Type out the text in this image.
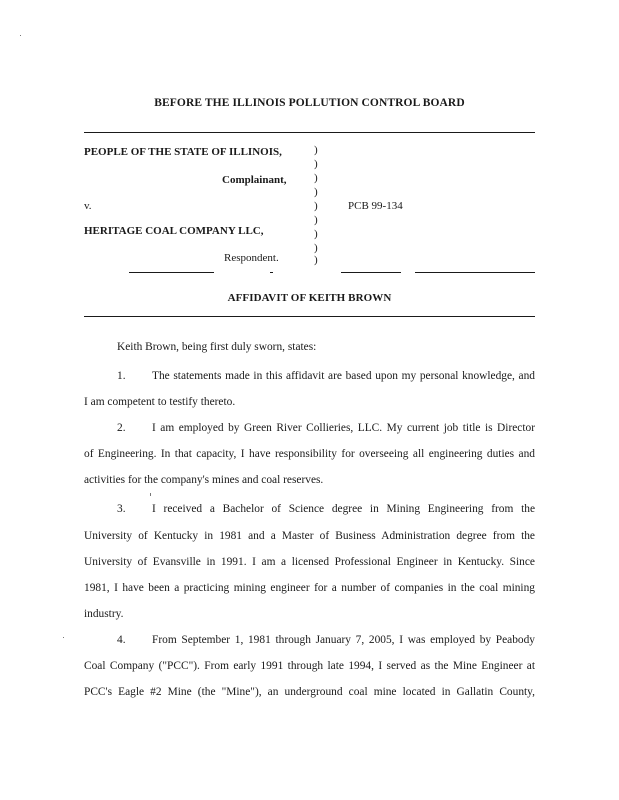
BEFORE THE ILLINOIS POLLUTION CONTROL BOARD
PEOPLE OF THE STATE OF ILLINOIS,
Complainant,
v.
HERITAGE COAL COMPANY LLC,
Respondent.
PCB 99-134
)
)
)
)
)
)
)
)
)
AFFIDAVIT OF KEITH BROWN
Keith Brown, being first duly sworn, states:
1. The statements made in this affidavit are based upon my personal knowledge, and
I am competent to testify thereto.
2. I am employed by Green River Collieries, LLC. My current job title is Director
of Engineering. In that capacity, I have responsibility for overseeing all engineering duties and
activities for the company's mines and coal reserves.
3. I received a Bachelor of Science degree in Mining Engineering from the
University of Kentucky in 1981 and a Master of Business Administration degree from the
University of Evansville in 1991. I am a licensed Professional Engineer in Kentucky. Since
1981, I have been a practicing mining engineer for a number of companies in the coal mining
industry.
4. From September 1, 1981 through January 7, 2005, I was employed by Peabody
Coal Company ("PCC"). From early 1991 through late 1994, I served as the Mine Engineer at
PCC's Eagle #2 Mine (the "Mine"), an underground coal mine located in Gallatin County,
